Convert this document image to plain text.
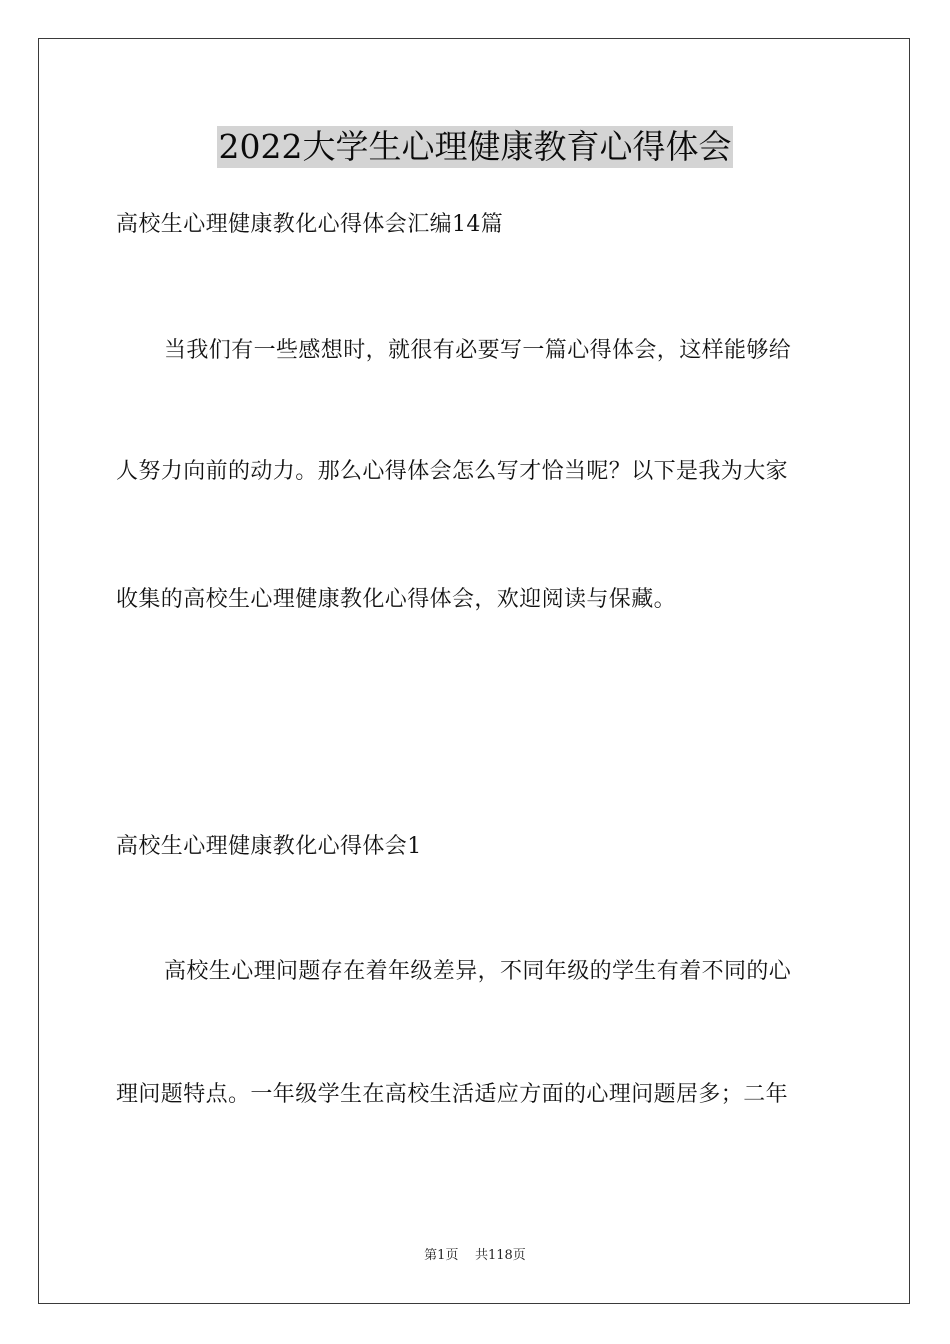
2022大学生心理健康教育心得体会
高校生心理健康教化心得体会汇编14篇
当我们有一些感想时，就很有必要写一篇心得体会，这样能够给
人努力向前的动力。那么心得体会怎么写才恰当呢？以下是我为大家
收集的高校生心理健康教化心得体会，欢迎阅读与保藏。
高校生心理健康教化心得体会1
高校生心理问题存在着年级差异，不同年级的学生有着不同的心
理问题特点。一年级学生在高校生活适应方面的心理问题居多；二年
第1页 共118页
